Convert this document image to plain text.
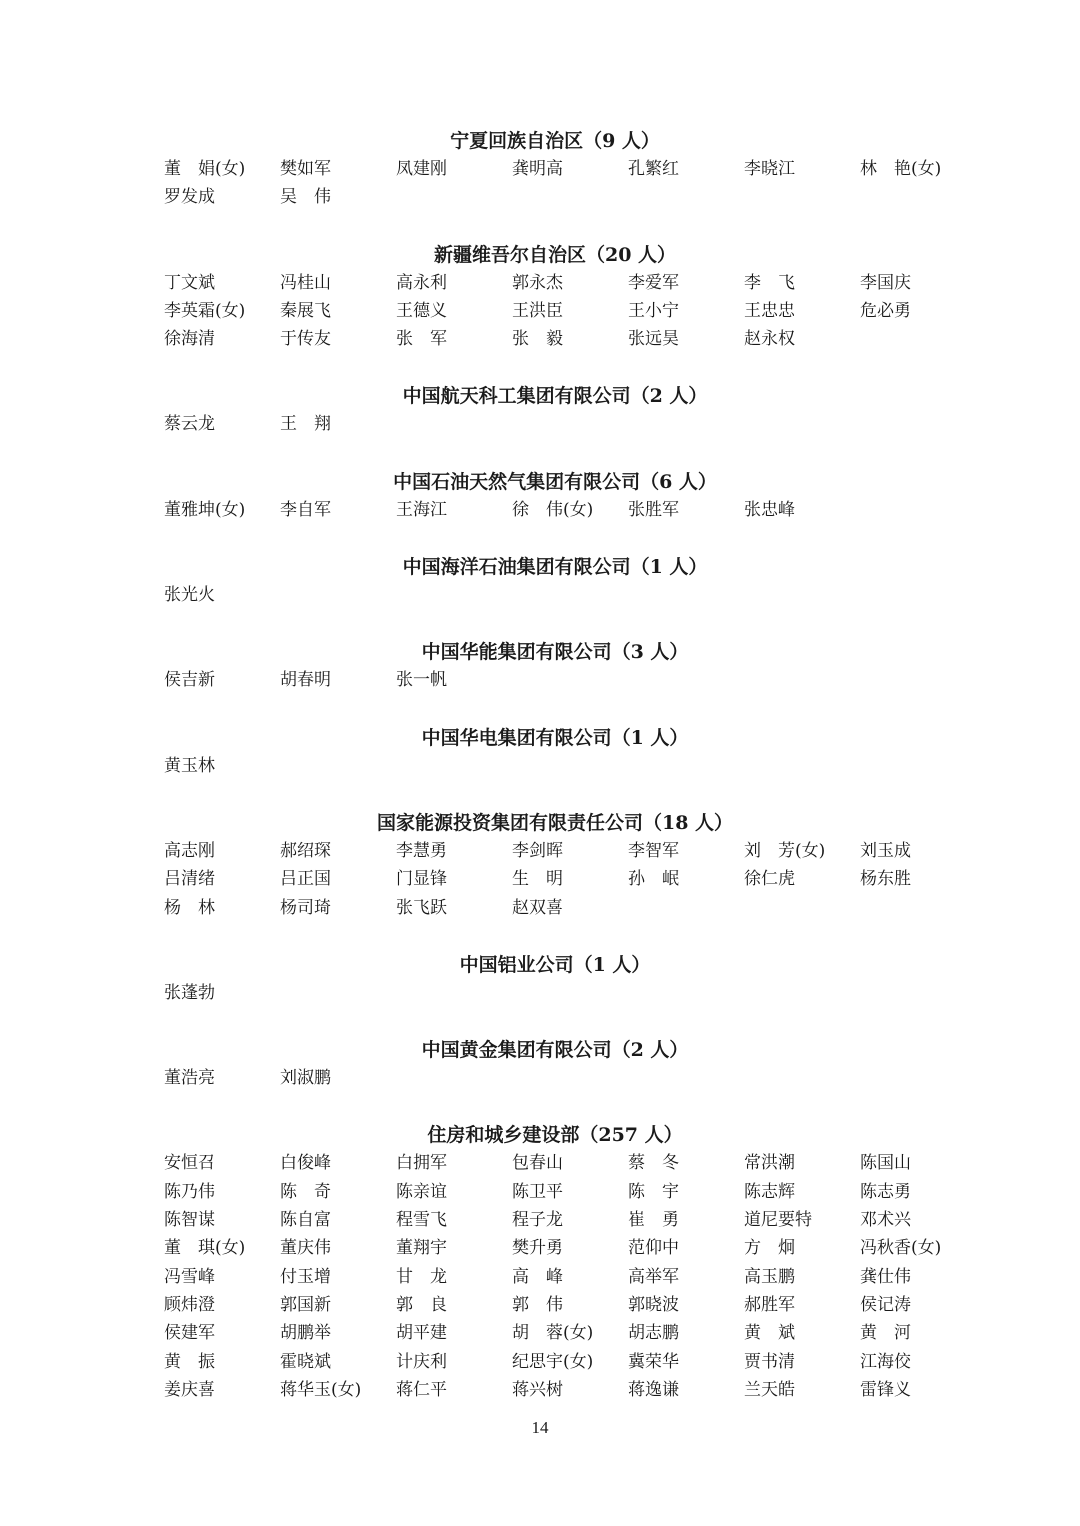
宁夏回族自治区（9 人）
董　娟(女)	樊如军	凤建刚	龚明高	孔繁红	李晓江	林　艳(女)
罗发成	吴　伟
新疆维吾尔自治区（20 人）
丁文斌	冯桂山	高永利	郭永杰	李爱军	李　飞	李国庆
李英霜(女)	秦展飞	王德义	王洪臣	王小宁	王忠忠	危必勇
徐海清	于传友	张　军	张　毅	张远昊	赵永权
中国航天科工集团有限公司（2 人）
蔡云龙	王　翔
中国石油天然气集团有限公司（6 人）
董雅坤(女)	李自军	王海江	徐　伟(女)	张胜军	张忠峰
中国海洋石油集团有限公司（1 人）
张光火
中国华能集团有限公司（3 人）
侯吉新	胡春明	张一帆
中国华电集团有限公司（1 人）
黄玉林
国家能源投资集团有限责任公司（18 人）
高志刚	郝绍琛	李慧勇	李剑晖	李智军	刘　芳(女)	刘玉成
吕清绪	吕正国	门显锋	生　明	孙　岷	徐仁虎	杨东胜
杨　林	杨司琦	张飞跃	赵双喜
中国铝业公司（1 人）
张蓬勃
中国黄金集团有限公司（2 人）
董浩亮	刘淑鹏
住房和城乡建设部（257 人）
安恒召	白俊峰	白拥军	包春山	蔡　冬	常洪潮	陈国山
陈乃伟	陈　奇	陈亲谊	陈卫平	陈　宇	陈志辉	陈志勇
陈智谋	陈自富	程雪飞	程子龙	崔　勇	道尼要特	邓术兴
董　琪(女)	董庆伟	董翔宇	樊升勇	范仰中	方　炯	冯秋香(女)
冯雪峰	付玉增	甘　龙	高　峰	高举军	高玉鹏	龚仕伟
顾炜澄	郭国新	郭　良	郭　伟	郭晓波	郝胜军	侯记涛
侯建军	胡鹏举	胡平建	胡　蓉(女)	胡志鹏	黄　斌	黄　河
黄　振	霍晓斌	计庆利	纪思宇(女)	冀荣华	贾书清	江海佼
姜庆喜	蒋华玉(女)	蒋仁平	蒋兴树	蒋逸谦	兰天皓	雷锋义
14
